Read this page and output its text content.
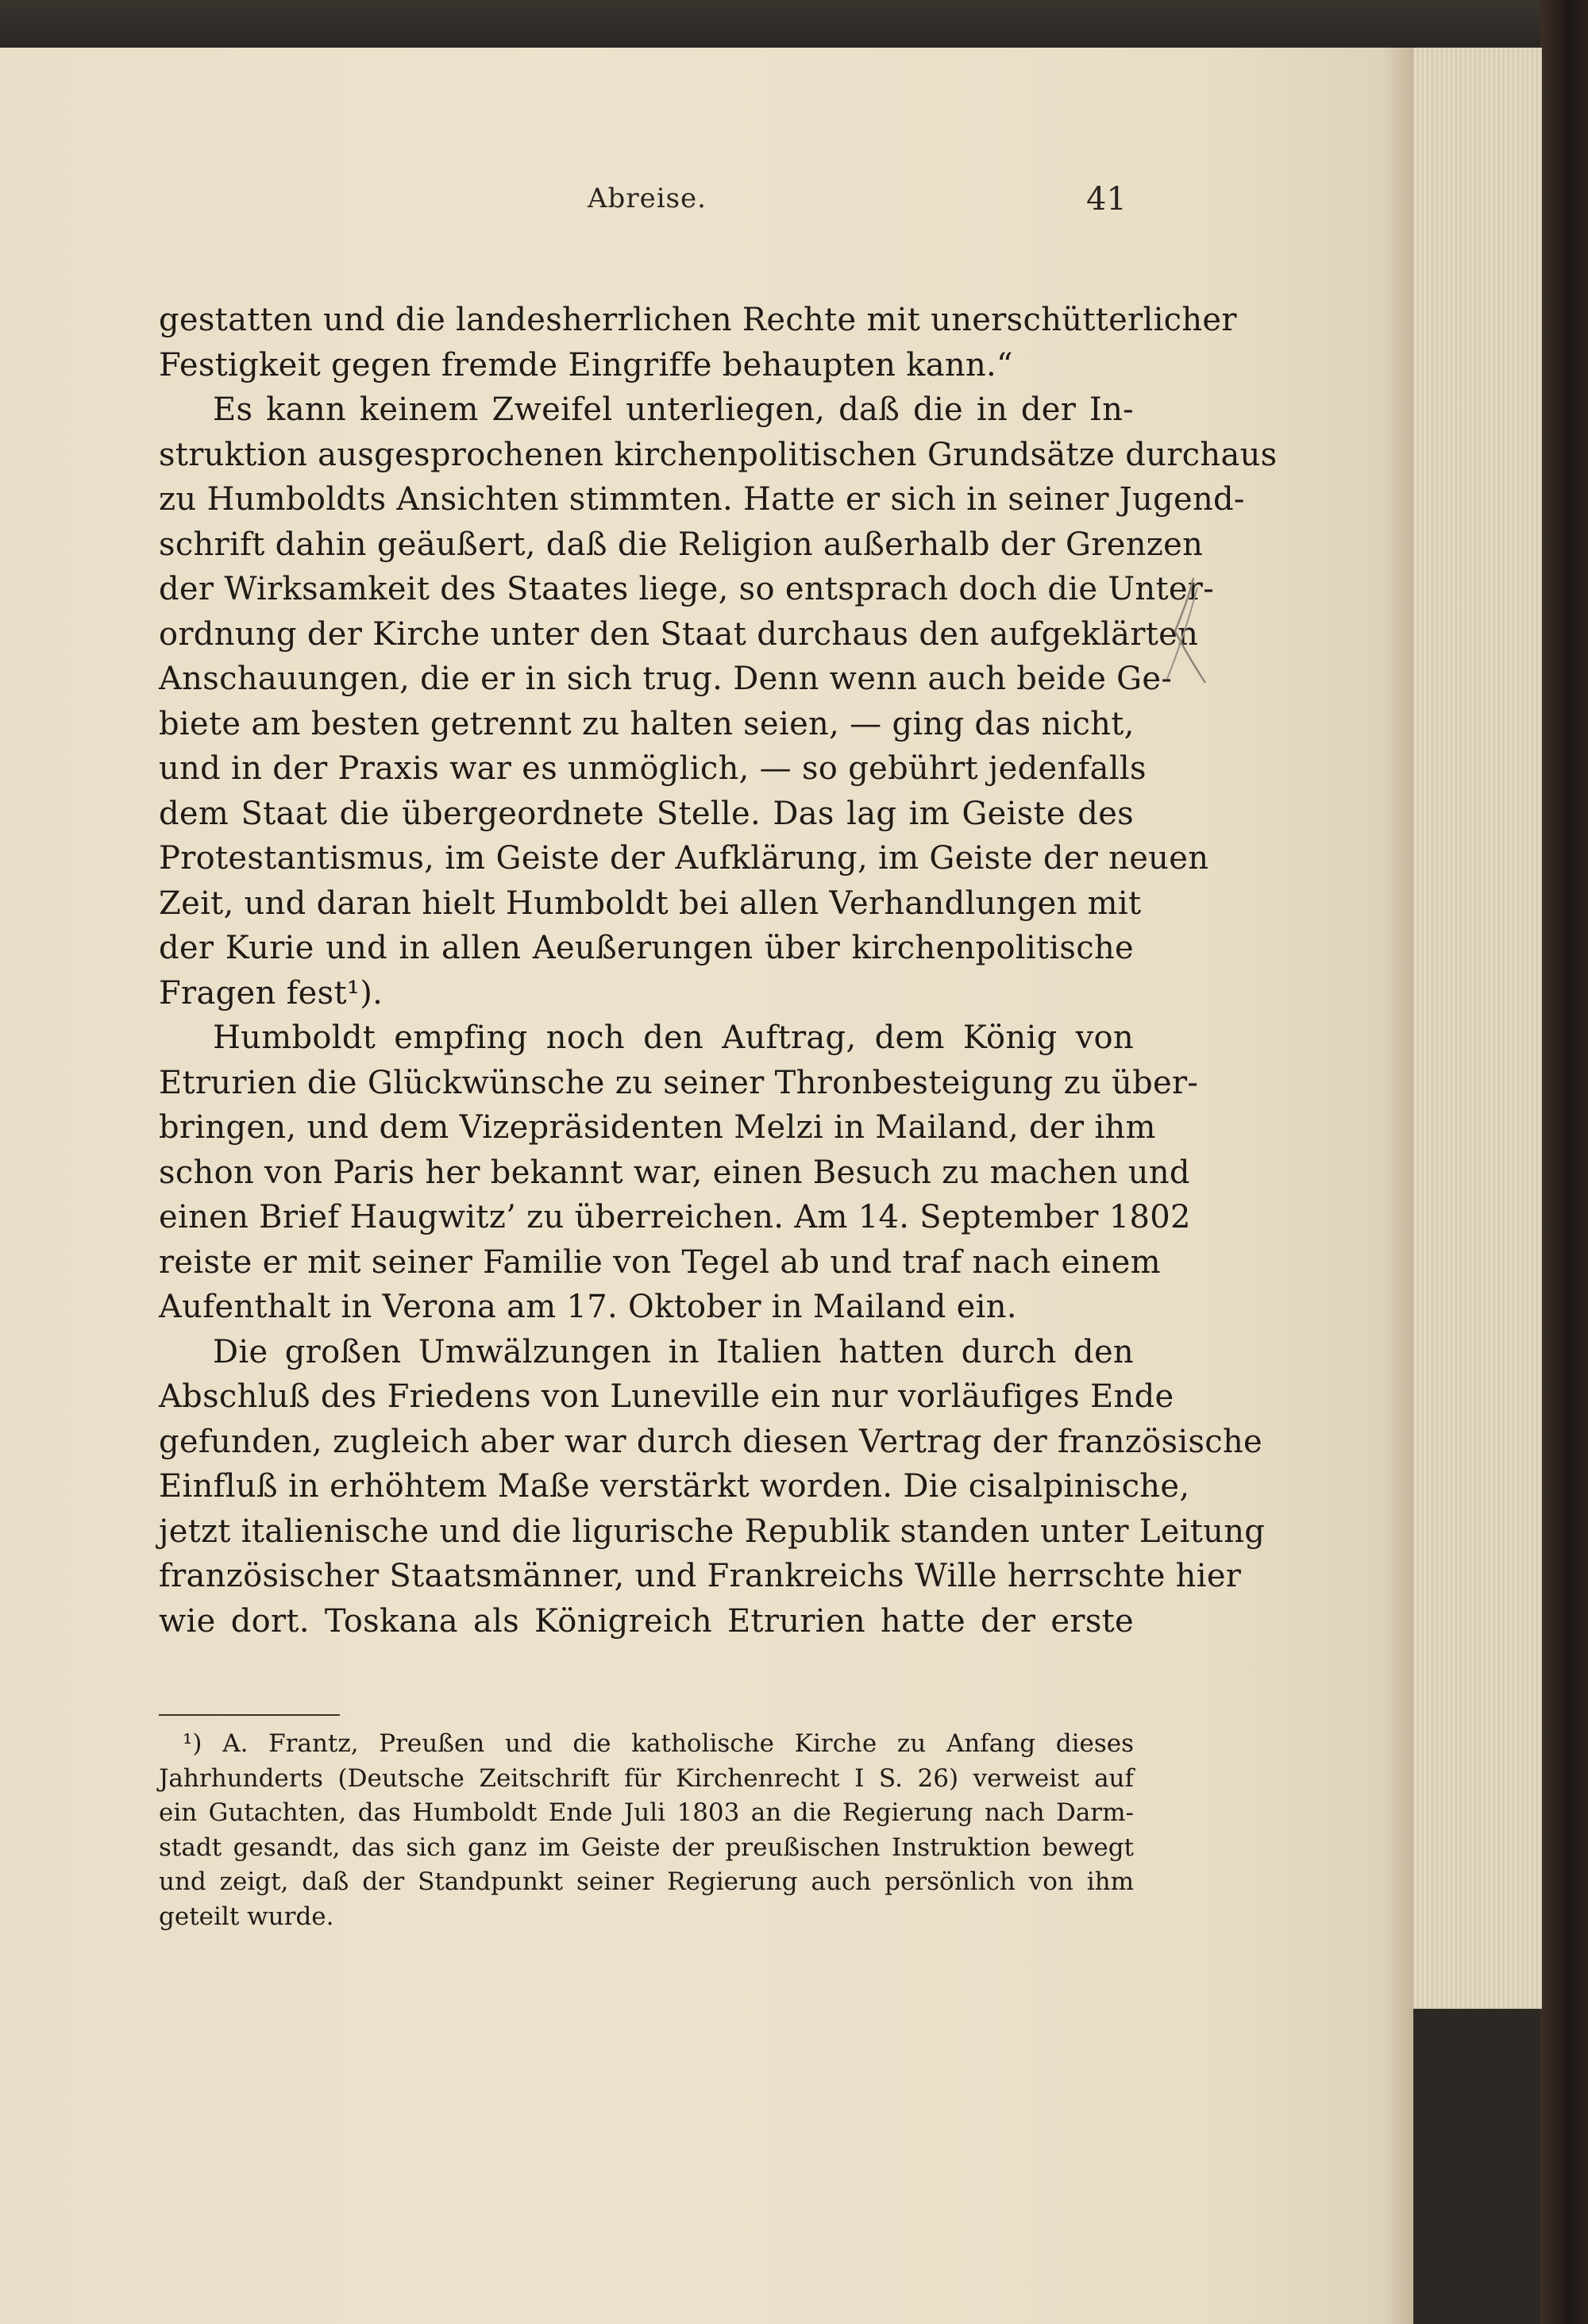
Abreise.	41
gestatten und die landesherrlichen Rechte mit unerschütterlicher
Festigkeit gegen fremde Eingriffe behaupten kann.“
Es kann keinem Zweifel unterliegen, daß die in der In-
struktion ausgesprochenen kirchenpolitischen Grundsätze durchaus
zu Humboldts Ansichten stimmten. Hatte er sich in seiner Jugend-
schrift dahin geäußert, daß die Religion außerhalb der Grenzen
der Wirksamkeit des Staates liege, so entsprach doch die Unter-
ordnung der Kirche unter den Staat durchaus den aufgeklärten
Anschauungen, die er in sich trug. Denn wenn auch beide Ge-
biete am besten getrennt zu halten seien, — ging das nicht,
und in der Praxis war es unmöglich, — so gebührt jedenfalls
dem Staat die übergeordnete Stelle. Das lag im Geiste des
Protestantismus, im Geiste der Aufklärung, im Geiste der neuen
Zeit, und daran hielt Humboldt bei allen Verhandlungen mit
der Kurie und in allen Aeußerungen über kirchenpolitische
Fragen fest¹).
Humboldt empfing noch den Auftrag, dem König von
Etrurien die Glückwünsche zu seiner Thronbesteigung zu über-
bringen, und dem Vizepräsidenten Melzi in Mailand, der ihm
schon von Paris her bekannt war, einen Besuch zu machen und
einen Brief Haugwitz’ zu überreichen. Am 14. September 1802
reiste er mit seiner Familie von Tegel ab und traf nach einem
Aufenthalt in Verona am 17. Oktober in Mailand ein.
Die großen Umwälzungen in Italien hatten durch den
Abschluß des Friedens von Luneville ein nur vorläufiges Ende
gefunden, zugleich aber war durch diesen Vertrag der französische
Einfluß in erhöhtem Maße verstärkt worden. Die cisalpinische,
jetzt italienische und die ligurische Republik standen unter Leitung
französischer Staatsmänner, und Frankreichs Wille herrschte hier
wie dort. Toskana als Königreich Etrurien hatte der erste
¹) A. Frantz, Preußen und die katholische Kirche zu Anfang dieses
Jahrhunderts (Deutsche Zeitschrift für Kirchenrecht I S. 26) verweist auf
ein Gutachten, das Humboldt Ende Juli 1803 an die Regierung nach Darm-
stadt gesandt, das sich ganz im Geiste der preußischen Instruktion bewegt
und zeigt, daß der Standpunkt seiner Regierung auch persönlich von ihm
geteilt wurde.
